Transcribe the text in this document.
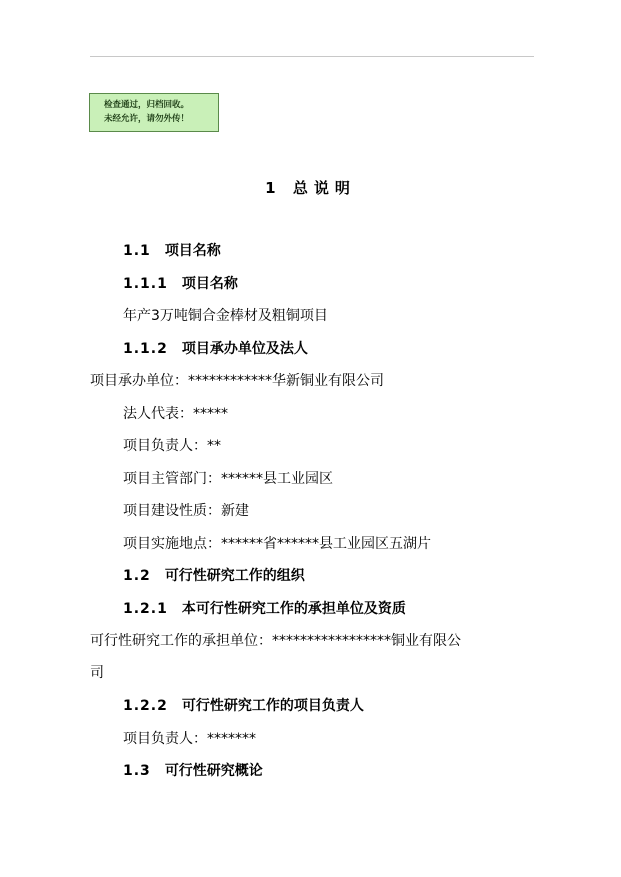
检查通过，归档回收。
未经允许，请勿外传！
1 总说明
1.1 项目名称
1.1.1 项目名称
年产3万吨铜合金棒材及粗铜项目
1.1.2 项目承办单位及法人
项目承办单位：************华新铜业有限公司
法人代表：*****
项目负责人：**
项目主管部门：******县工业园区
项目建设性质：新建
项目实施地点：******省******县工业园区五湖片
1.2 可行性研究工作的组织
1.2.1 本可行性研究工作的承担单位及资质
可行性研究工作的承担单位：*****************铜业有限公
司
1.2.2 可行性研究工作的项目负责人
项目负责人：*******
1.3 可行性研究概论
